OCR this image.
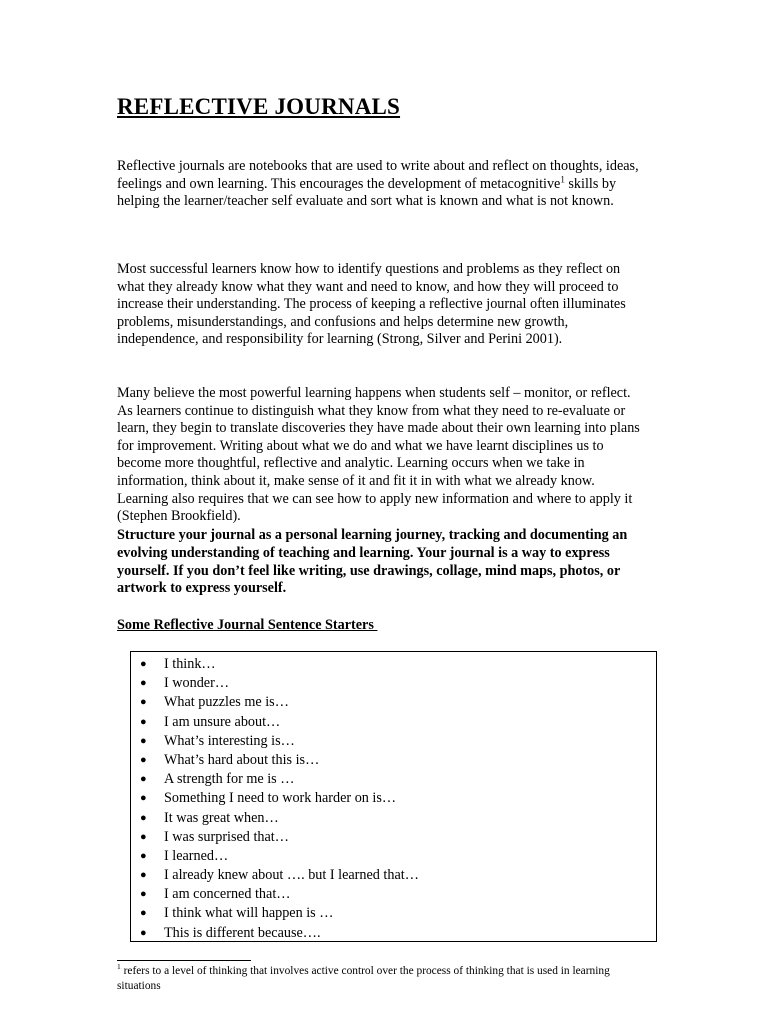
REFLECTIVE JOURNALS

Reflective journals are notebooks that are used to write about and reflect on thoughts, ideas, feelings and own learning. This encourages the development of metacognitive$^1$ skills by helping the learner/teacher self evaluate and sort what is known and what is not known.

Most successful learners know how to identify questions and problems as they reflect on what they already know what they want and need to know, and how they will proceed to increase their understanding. The process of keeping a reflective journal often illuminates problems, misunderstandings, and confusions and helps determine new growth, independence, and responsibility for learning (Strong, Silver and Perini 2001).

Many believe the most powerful learning happens when students self – monitor, or reflect. As learners continue to distinguish what they know from what they need to re-evaluate or learn, they begin to translate discoveries they have made about their own learning into plans for improvement. Writing about what we do and what we have learnt disciplines us to become more thoughtful, reflective and analytic. Learning occurs when we take in information, think about it, make sense of it and fit it in with what we already know. Learning also requires that we can see how to apply new information and where to apply it (Stephen Brookfield).

Structure your journal as a personal learning journey, tracking and documenting an evolving understanding of teaching and learning. Your journal is a way to express yourself. If you don’t feel like writing, use drawings, collage, mind maps, photos, or artwork to express yourself.

Some Reflective Journal Sentence Starters

● I think…
● I wonder…
● What puzzles me is…
● I am unsure about…
● What’s interesting is…
● What’s hard about this is…
● A strength for me is …
● Something I need to work harder on is…
● It was great when…
● I was surprised that…
● I learned…
● I already knew about …. but I learned that…
● I am concerned that…
● I think what will happen is …
● This is different because….

$^1$ refers to a level of thinking that involves active control over the process of thinking that is used in learning situations
